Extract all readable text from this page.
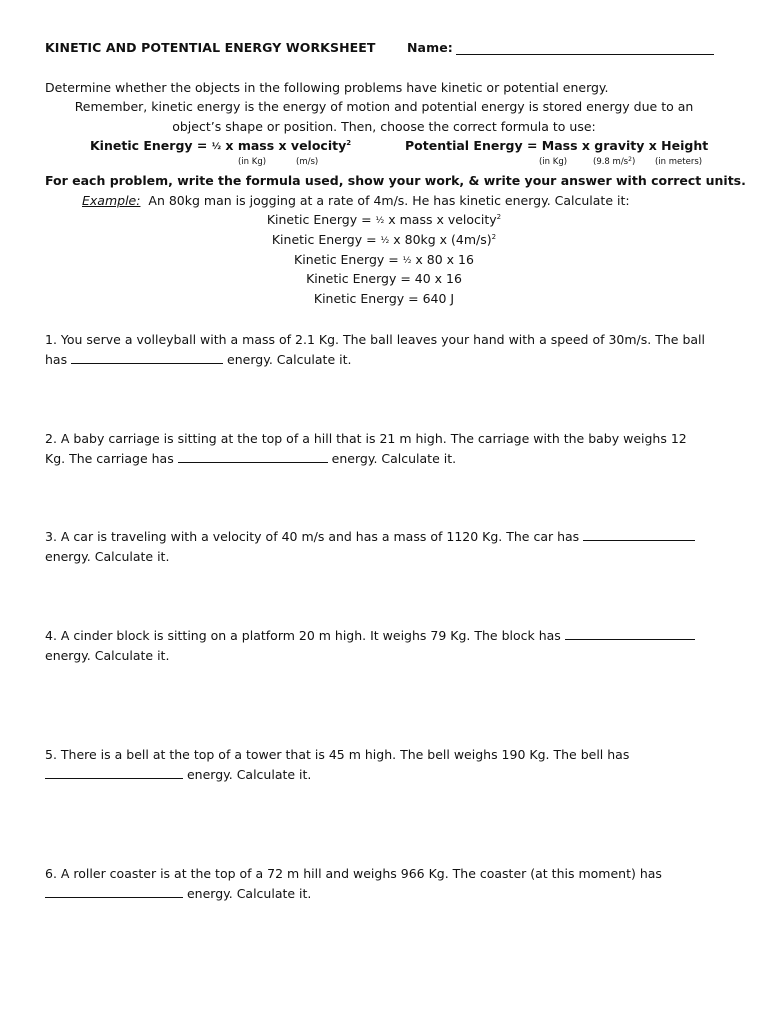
KINETIC AND POTENTIAL ENERGY WORKSHEET	Name:
Determine whether the objects in the following problems have kinetic or potential energy.
Remember, kinetic energy is the energy of motion and potential energy is stored energy due to an
object’s shape or position. Then, choose the correct formula to use:
Kinetic Energy = ½ x mass x velocity$^2$
(in Kg)	(m/s)
Potential Energy = Mass x gravity x Height
(in Kg)	(9.8 $m/s^2$) (in meters)
For each problem, write the formula used, show your work, & write your answer with correct units.
Example: An 80kg man is jogging at a rate of 4m/s. He has kinetic energy. Calculate it:
Kinetic Energy = ½ x mass x velocity$^2$
Kinetic Energy = ½ x 80kg x $(4m/s)^2$
Kinetic Energy = ½ x 80 x 16
Kinetic Energy = 40 x 16
Kinetic Energy = 640 J
1. You serve a volleyball with a mass of 2.1 Kg. The ball leaves your hand with a speed of 30m/s. The ball
has	energy. Calculate it.
2. A baby carriage is sitting at the top of a hill that is 21 m high. The carriage with the baby weighs 12
Kg. The carriage has	energy. Calculate it.
3. A car is traveling with a velocity of 40 m/s and has a mass of 1120 Kg. The car has
energy. Calculate it.
4. A cinder block is sitting on a platform 20 m high. It weighs 79 Kg. The block has
energy. Calculate it.
5. There is a bell at the top of a tower that is 45 m high. The bell weighs 190 Kg. The bell has
energy. Calculate it.
6. A roller coaster is at the top of a 72 m hill and weighs 966 Kg. The coaster (at this moment) has
energy. Calculate it.
